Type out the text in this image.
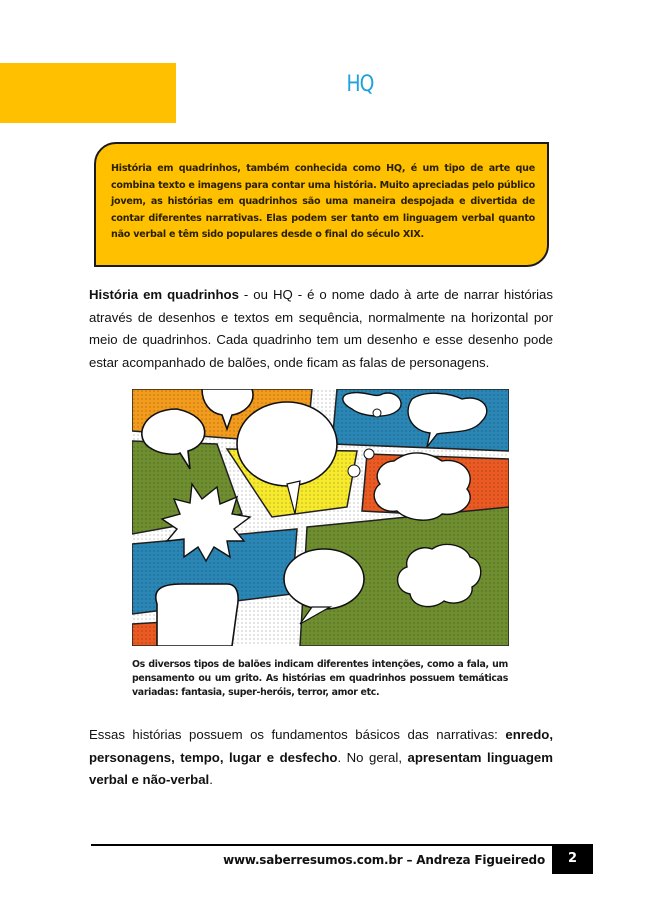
HQ
História em quadrinhos, também conhecida como HQ, é um tipo de arte que combina texto e imagens para contar uma história. Muito apreciadas pelo público jovem, as histórias em quadrinhos são uma maneira despojada e divertida de contar diferentes narrativas. Elas podem ser tanto em linguagem verbal quanto não verbal e têm sido populares desde o final do século XIX.
História em quadrinhos - ou HQ - é o nome dado à arte de narrar histórias através de desenhos e textos em sequência, normalmente na horizontal por meio de quadrinhos. Cada quadrinho tem um desenho e esse desenho pode estar acompanhado de balões, onde ficam as falas de personagens.
Os diversos tipos de balões indicam diferentes intenções, como a fala, um pensamento ou um grito. As histórias em quadrinhos possuem temáticas variadas: fantasia, super-heróis, terror, amor etc.
Essas histórias possuem os fundamentos básicos das narrativas: enredo, personagens, tempo, lugar e desfecho. No geral, apresentam linguagem verbal e não-verbal.
www.saberresumos.com.br – Andreza Figueiredo	2
